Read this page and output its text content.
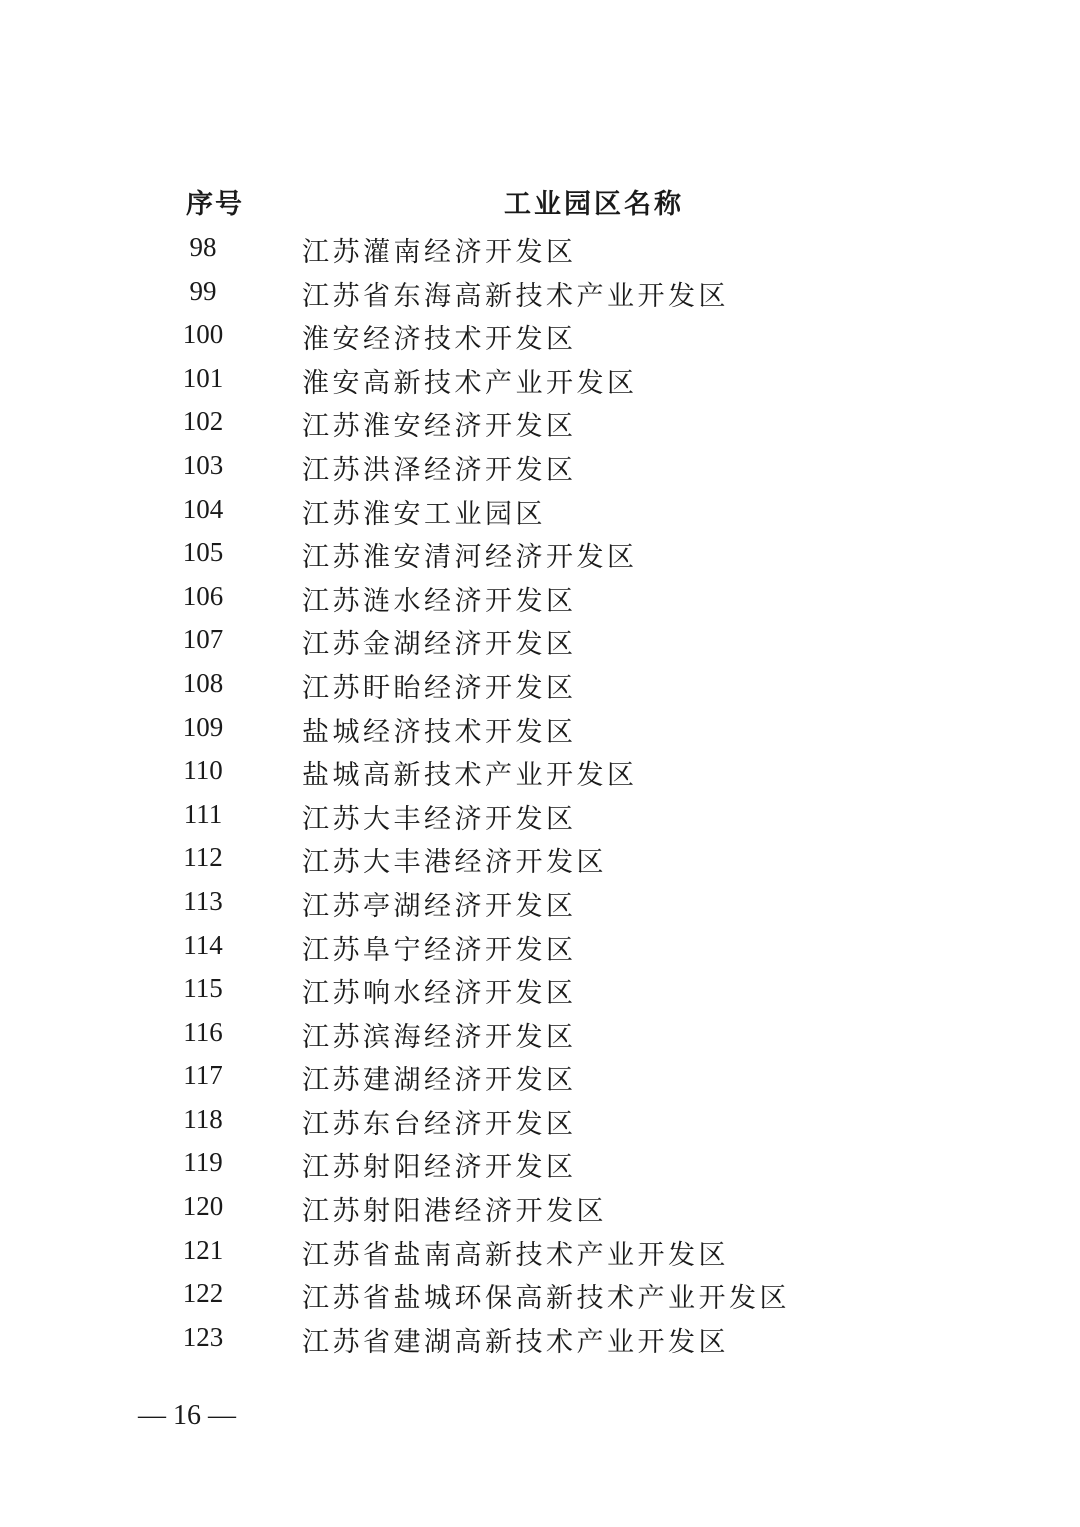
序号	工业园区名称
98	江苏灌南经济开发区
99	江苏省东海高新技术产业开发区
100	淮安经济技术开发区
101	淮安高新技术产业开发区
102	江苏淮安经济开发区
103	江苏洪泽经济开发区
104	江苏淮安工业园区
105	江苏淮安清河经济开发区
106	江苏涟水经济开发区
107	江苏金湖经济开发区
108	江苏盱眙经济开发区
109	盐城经济技术开发区
110	盐城高新技术产业开发区
111	江苏大丰经济开发区
112	江苏大丰港经济开发区
113	江苏亭湖经济开发区
114	江苏阜宁经济开发区
115	江苏响水经济开发区
116	江苏滨海经济开发区
117	江苏建湖经济开发区
118	江苏东台经济开发区
119	江苏射阳经济开发区
120	江苏射阳港经济开发区
121	江苏省盐南高新技术产业开发区
122	江苏省盐城环保高新技术产业开发区
123	江苏省建湖高新技术产业开发区
— 16 —
